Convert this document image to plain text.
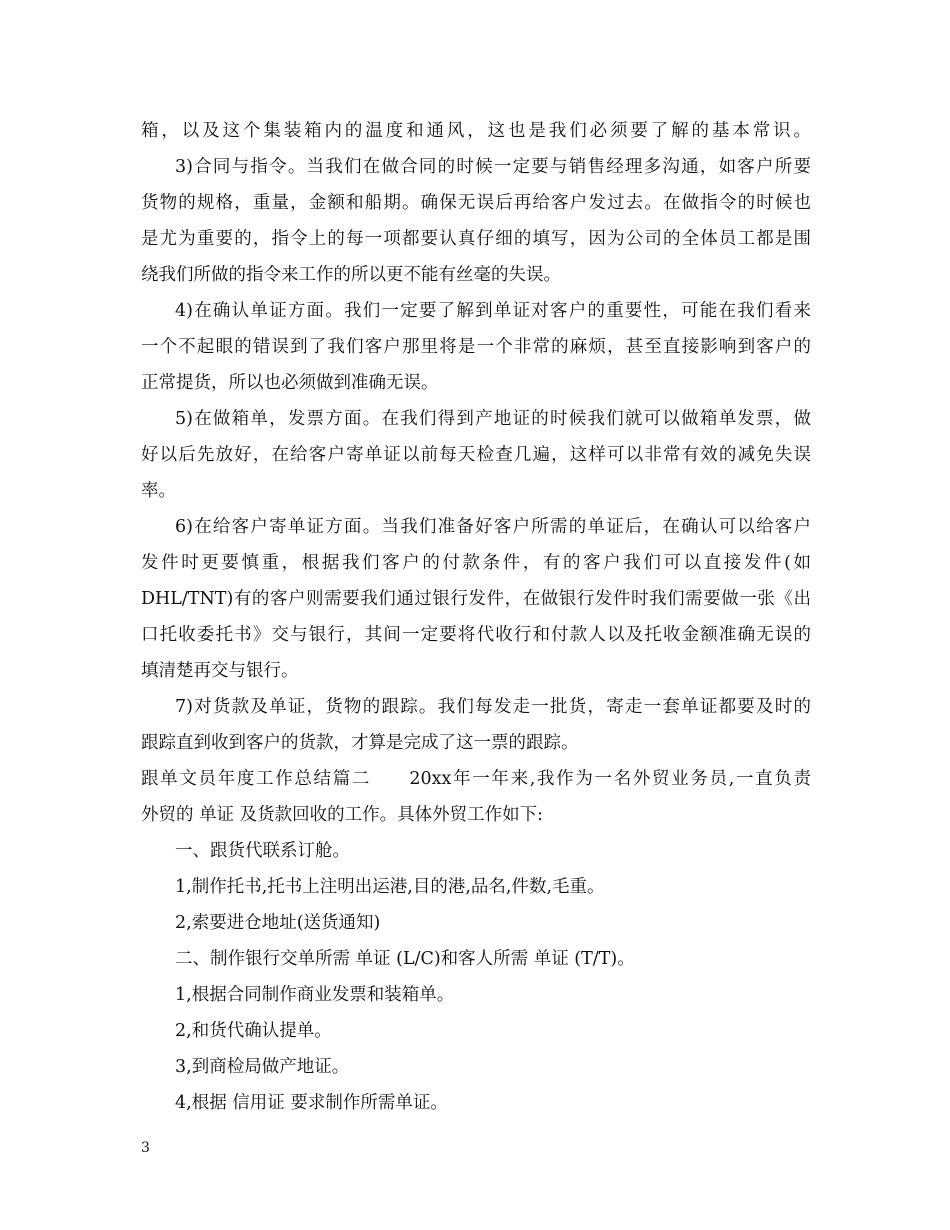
箱，以及这个集装箱内的温度和通风，这也是我们必须要了解的基本常识。
3)合同与指令。当我们在做合同的时候一定要与销售经理多沟通，如客户所要
货物的规格，重量，金额和船期。确保无误后再给客户发过去。在做指令的时候也
是尤为重要的，指令上的每一项都要认真仔细的填写，因为公司的全体员工都是围
绕我们所做的指令来工作的所以更不能有丝毫的失误。
4)在确认单证方面。我们一定要了解到单证对客户的重要性，可能在我们看来
一个不起眼的错误到了我们客户那里将是一个非常的麻烦，甚至直接影响到客户的
正常提货，所以也必须做到准确无误。
5)在做箱单，发票方面。在我们得到产地证的时候我们就可以做箱单发票，做
好以后先放好，在给客户寄单证以前每天检查几遍，这样可以非常有效的减免失误
率。
6)在给客户寄单证方面。当我们准备好客户所需的单证后，在确认可以给客户
发件时更要慎重，根据我们客户的付款条件，有的客户我们可以直接发件(如
DHL/TNT)有的客户则需要我们通过银行发件，在做银行发件时我们需要做一张《出
口托收委托书》交与银行，其间一定要将代收行和付款人以及托收金额准确无误的
填清楚再交与银行。
7)对货款及单证，货物的跟踪。我们每发走一批货，寄走一套单证都要及时的
跟踪直到收到客户的货款，才算是完成了这一票的跟踪。
跟单文员年度工作总结篇二　　20xx年一年来,我作为一名外贸业务员,一直负责
外贸的 单证 及货款回收的工作。具体外贸工作如下:
一、跟货代联系订舱。
1,制作托书,托书上注明出运港,目的港,品名,件数,毛重。
2,索要进仓地址(送货通知)
二、制作银行交单所需 单证 (L/C)和客人所需 单证 (T/T)。
1,根据合同制作商业发票和装箱单。
2,和货代确认提单。
3,到商检局做产地证。
4,根据 信用证 要求制作所需单证。
3
